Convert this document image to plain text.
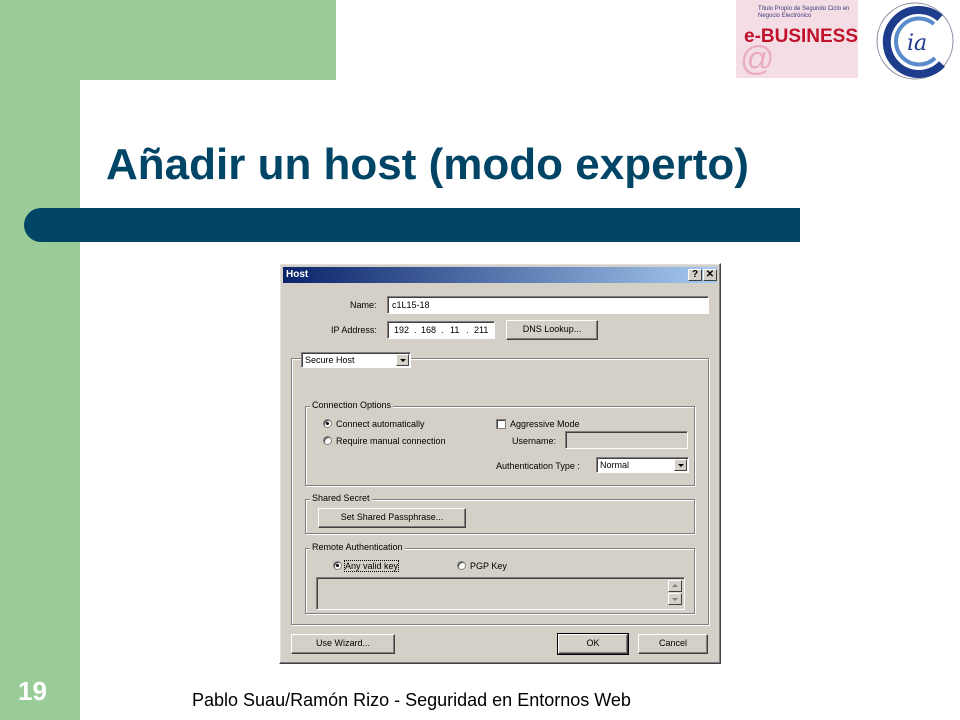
Añadir un host (modo experto)
19	Pablo Suau/Ramón Rizo - Seguridad en Entornos Web
@
Título Propio de Segundo Ciclo en Negocio Electrónico
e-BUSINESS ia
Host	? ✕
Name:	c1L15-18
IP Address: 192 . 168 . 11 . 211	DNS Lookup...
Secure Host
Connection Options
Connect automatically
Require manual connection
Aggressive Mode
Username:
Authentication Type :	Normal
Shared Secret
Set Shared Passphrase...
Remote Authentication
Any valid key	PGP Key
Use Wizard...	OK	Cancel
